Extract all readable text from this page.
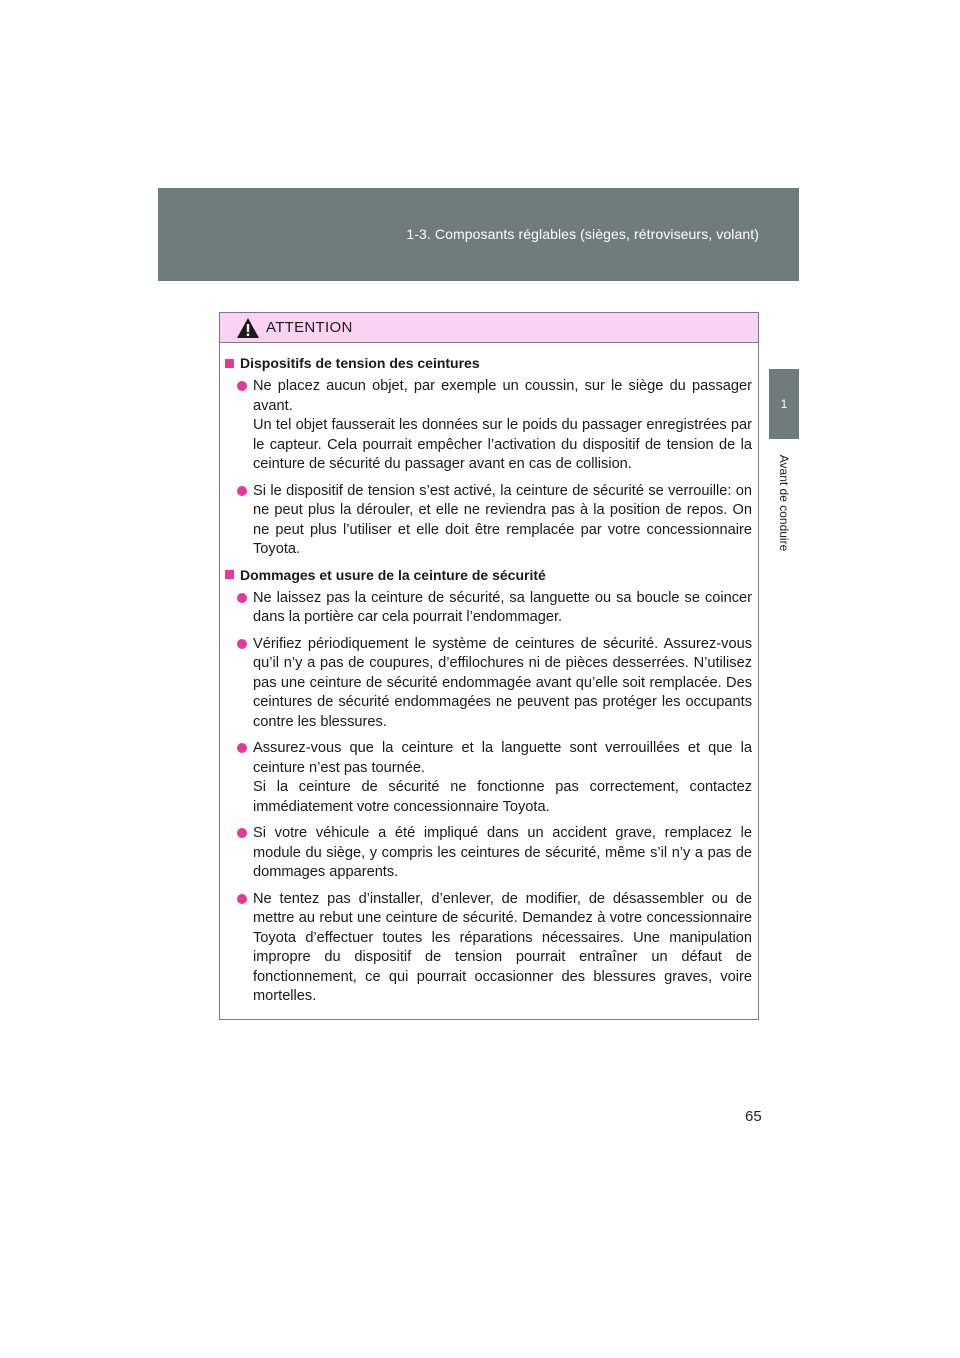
1-3. Composants réglables (sièges, rétroviseurs, volant)
1
Avant de conduire
ATTENTION
Dispositifs de tension des ceintures

Ne placez aucun objet, par exemple un coussin, sur le siège du passager avant.

Un tel objet fausserait les données sur le poids du passager enregistrées par le capteur. Cela pourrait empêcher l’activation du dispositif de tension de la ceinture de sécurité du passager avant en cas de collision.

Si le dispositif de tension s’est activé, la ceinture de sécurité se verrouille: on ne peut plus la dérouler, et elle ne reviendra pas à la position de repos. On ne peut plus l’utiliser et elle doit être remplacée par votre concessionnaire Toyota.

Dommages et usure de la ceinture de sécurité

Ne laissez pas la ceinture de sécurité, sa languette ou sa boucle se coincer dans la portière car cela pourrait l’endommager.

Vérifiez périodiquement le système de ceintures de sécurité. Assurez-vous qu’il n’y a pas de coupures, d’effilochures ni de pièces desserrées. N’utilisez pas une ceinture de sécurité endommagée avant qu’elle soit remplacée. Des ceintures de sécurité endommagées ne peuvent pas protéger les occupants contre les blessures.

Assurez-vous que la ceinture et la languette sont verrouillées et que la ceinture n’est pas tournée.

Si la ceinture de sécurité ne fonctionne pas correctement, contactez immédiatement votre concessionnaire Toyota.

Si votre véhicule a été impliqué dans un accident grave, remplacez le module du siège, y compris les ceintures de sécurité, même s’il n’y a pas de dommages apparents.

Ne tentez pas d’installer, d’enlever, de modifier, de désassembler ou de mettre au rebut une ceinture de sécurité. Demandez à votre concessionnaire Toyota d’effectuer toutes les réparations nécessaires. Une manipulation impropre du dispositif de tension pourrait entraîner un défaut de fonctionnement, ce qui pourrait occasionner des blessures graves, voire mortelles.

65
